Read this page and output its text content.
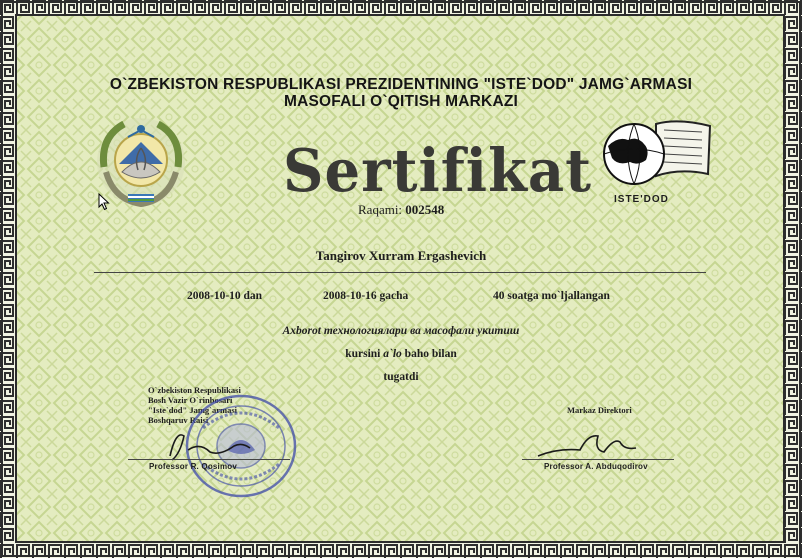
O`ZBEKISTON RESPUBLIKASI PREZIDENTINING "ISTE`DOD" JAMG`ARMASI
MASOFALI O`QITISH MARKAZI
Sertifikat
Raqami: 002548
ISTE'DOD
Tangirov Xurram Ergashevich
2008-10-10 dan	2008-10-16 gacha	40 soatga mo`ljallangan
Axborot технологиялари ва масофали укитиш
kursini a`lo baho bilan
tugatdi
O`zbekiston Respublikasi
Bosh Vazir O`rinbosari
"Iste`dod" Jamg`armasi
Boshqaruv Raisi
Professor R. Qosimov
Markaz Direktori
Professor A. Abduqodirov
